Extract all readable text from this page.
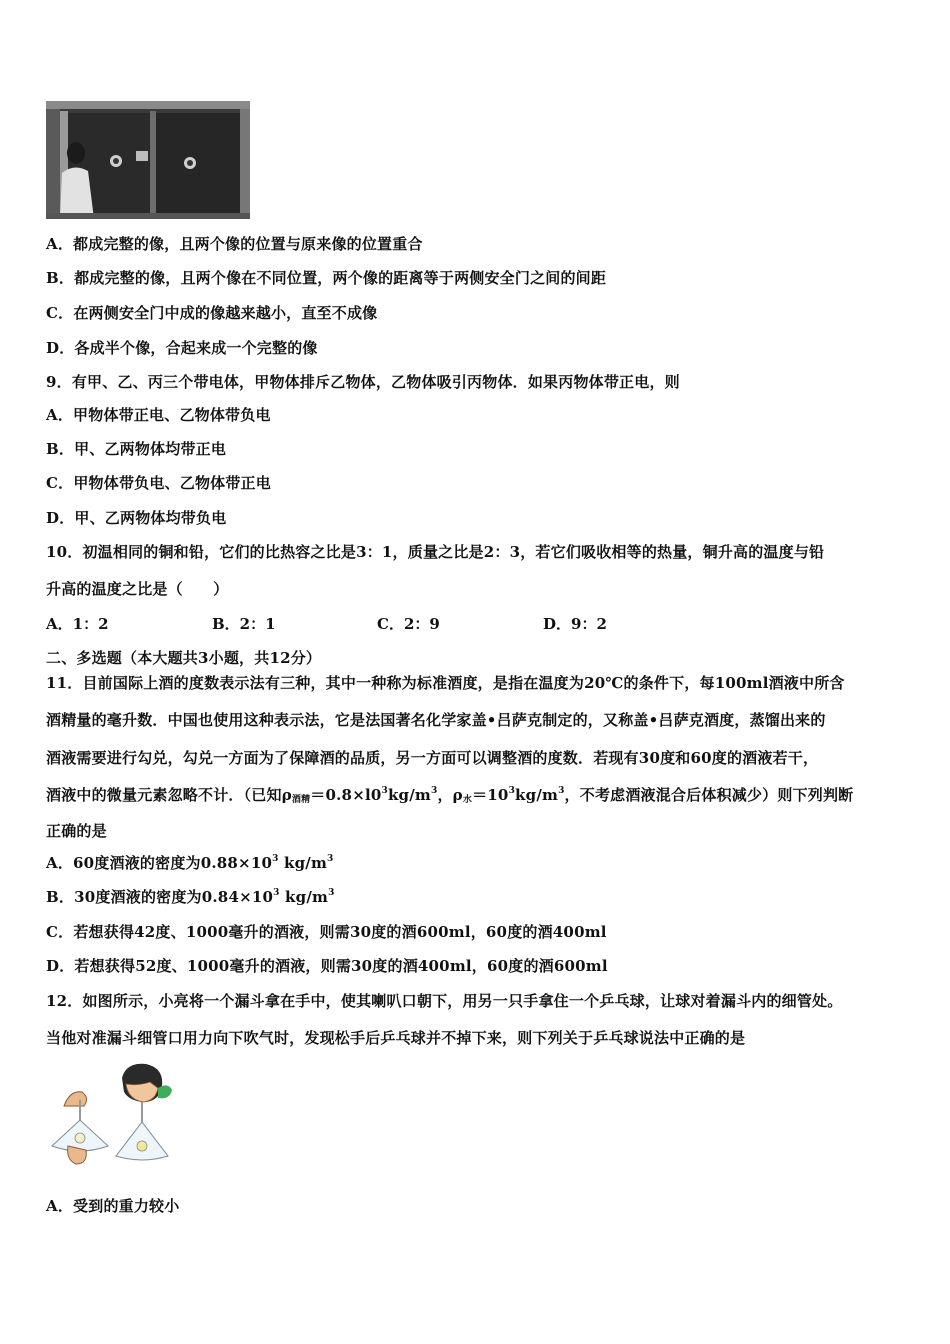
A．都成完整的像，且两个像的位置与原来像的位置重合
B．都成完整的像，且两个像在不同位置，两个像的距离等于两侧安全门之间的间距
C．在两侧安全门中成的像越来越小，直至不成像
D．各成半个像，合起来成一个完整的像
9．有甲、乙、丙三个带电体，甲物体排斥乙物体，乙物体吸引丙物体．如果丙物体带正电，则
A．甲物体带正电、乙物体带负电
B．甲、乙两物体均带正电
C．甲物体带负电、乙物体带正电
D．甲、乙两物体均带负电
10．初温相同的铜和铅，它们的比热容之比是3：1，质量之比是2：3，若它们吸收相等的热量，铜升高的温度与铅
升高的温度之比是（　　）
A．1：2	B．2：1	C．2：9	D．9：2
二、多选题（本大题共3小题，共12分）
11．目前国际上酒的度数表示法有三种，其中一种称为标准酒度，是指在温度为20℃的条件下，每100ml酒液中所含
酒精量的毫升数．中国也使用这种表示法，它是法国著名化学家盖•吕萨克制定的，又称盖•吕萨克酒度，蒸馏出来的
酒液需要进行勾兑，勾兑一方面为了保障酒的品质，另一方面可以调整酒的度数．若现有30度和60度的酒液若干，
酒液中的微量元素忽略不计．（已知$\rho_{酒精}=0.8\times l0^3kg/m^3$，$\rho_水=10^3kg/m^3$，不考虑酒液混合后体积减少）则下列判断
正确的是
A．60度酒液的密度为$0.88\times 10^3$ $kg/m^3$
B．30度酒液的密度为$0.84\times 10^3$ $kg/m^3$
C．若想获得42度、1000毫升的酒液，则需30度的酒600ml，60度的酒400ml
D．若想获得52度、1000毫升的酒液，则需30度的酒400ml，60度的酒600ml
12．如图所示，小亮将一个漏斗拿在手中，使其喇叭口朝下，用另一只手拿住一个乒乓球，让球对着漏斗内的细管处。
当他对准漏斗细管口用力向下吹气时，发现松手后乒乓球并不掉下来，则下列关于乒乓球说法中正确的是
A．受到的重力较小
